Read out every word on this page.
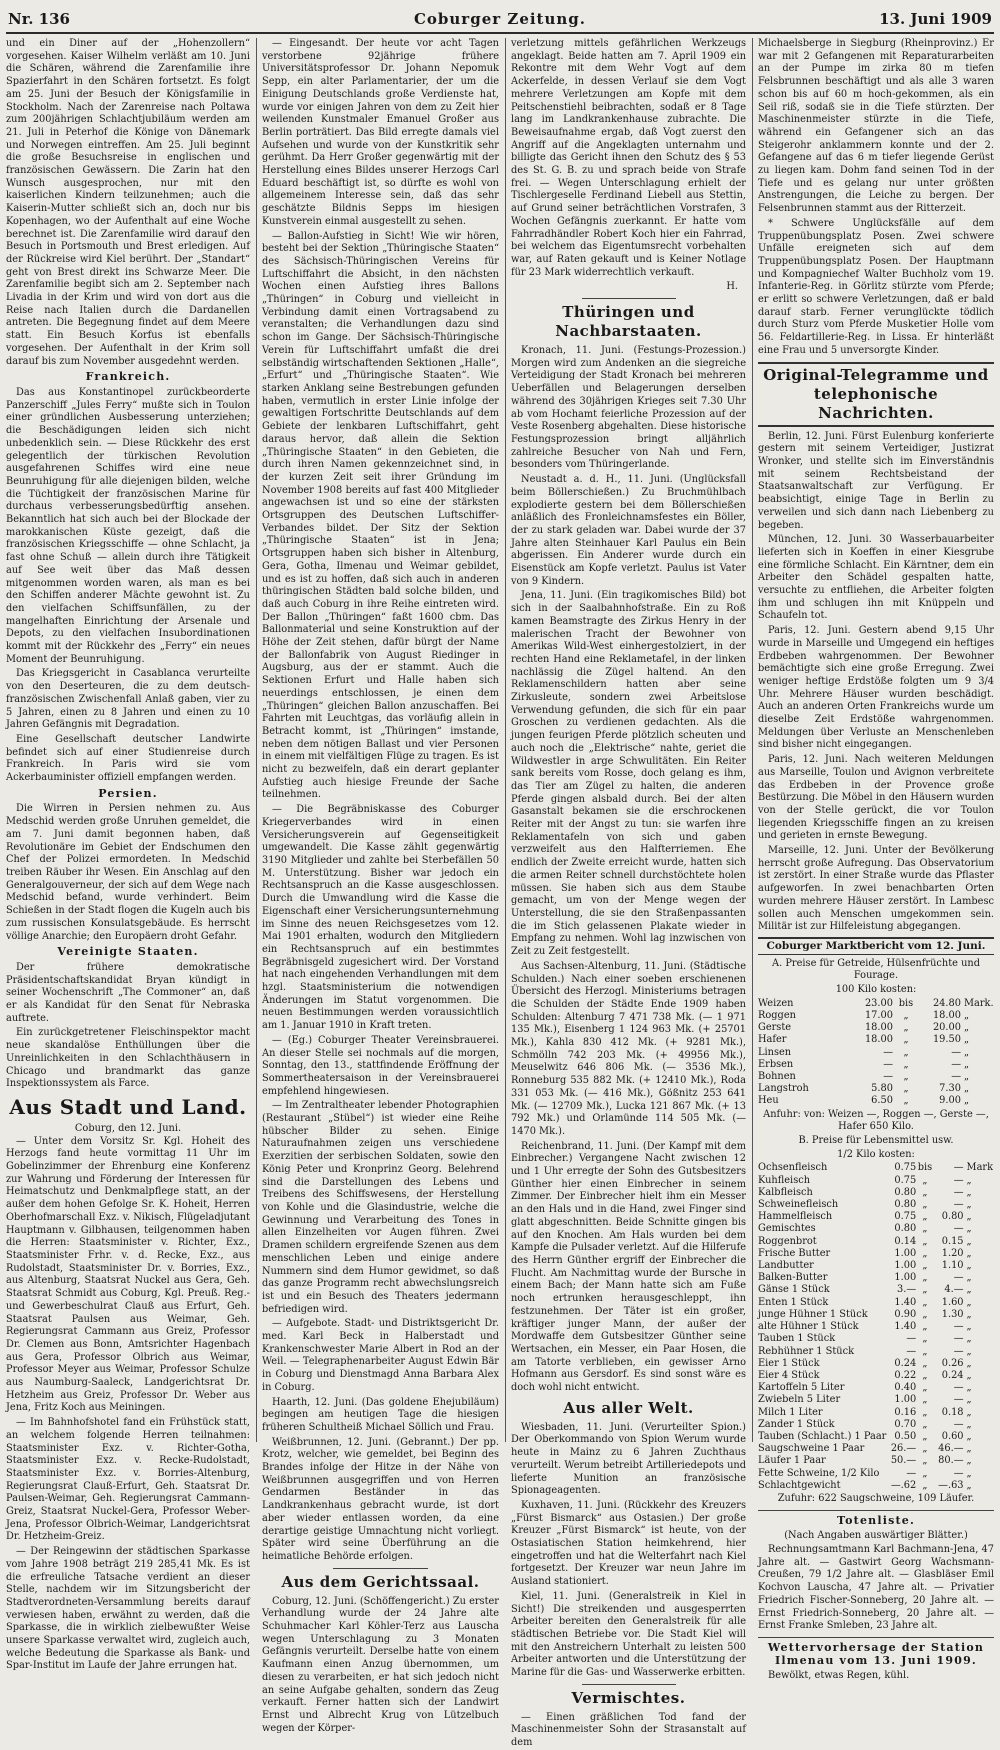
Nr. 136	Coburger Zeitung.	13. Juni 1909

und ein Diner auf der „Hohenzollern“ vorgesehen. Kaiser Wilhelm verläßt am 10. Juni die Schären, während die Zarenfamilie ihre Spazierfahrt in den Schären fortsetzt. Es folgt am 25. Juni der Besuch der Königsfamilie in Stockholm. Nach der Zarenreise nach Poltawa zum 200jährigen Schlachtjubiläum werden am 21. Juli in Peterhof die Könige von Dänemark und Norwegen eintreffen. Am 25. Juli beginnt die große Besuchsreise in englischen und französischen Gewässern. Die Zarin hat den Wunsch ausgesprochen, nur mit den kaiserlichen Kindern teilzunehmen; auch die Kaiserin-Mutter schließt sich an, doch nur bis Kopenhagen, wo der Aufenthalt auf eine Woche berechnet ist. Die Zarenfamilie wird darauf den Besuch in Portsmouth und Brest erledigen. Auf der Rückreise wird Kiel berührt. Der „Standart“ geht von Brest direkt ins Schwarze Meer. Die Zarenfamilie begibt sich am 2. September nach Livadia in der Krim und wird von dort aus die Reise nach Italien durch die Dardanellen antreten. Die Begegnung findet auf dem Meere statt. Ein Besuch Korfus ist ebenfalls vorgesehen. Der Aufenthalt in der Krim soll darauf bis zum November ausgedehnt werden.

Frankreich.

Das aus Konstantinopel zurückbeorderte Panzerschiff „Jules Ferry“ mußte sich in Toulon einer gründlichen Ausbesserung unterziehen; die Beschädigungen leiden sich nicht unbedenklich sein. — Diese Rückkehr des erst gelegentlich der türkischen Revolution ausgefahrenen Schiffes wird eine neue Beunruhigung für alle diejenigen bilden, welche die Tüchtigkeit der französischen Marine für durchaus verbesserungsbedürftig ansehen. Bekanntlich hat sich auch bei der Blockade der marokkanischen Küste gezeigt, daß die französischen Kriegsschiffe — ohne Schlacht, ja fast ohne Schuß — allein durch ihre Tätigkeit auf See weit über das Maß dessen mitgenommen worden waren, als man es bei den Schiffen anderer Mächte gewohnt ist. Zu den vielfachen Schiffsunfällen, zu der mangelhaften Einrichtung der Arsenale und Depots, zu den vielfachen Insubordinationen kommt mit der Rückkehr des „Ferry“ ein neues Moment der Beunruhigung.

Das Kriegsgericht in Casablanca verurteilte von den Deserteuren, die zu dem deutsch-französischen Zwischenfall Anlaß gaben, vier zu 5 Jahren, einen zu 8 Jahren und einen zu 10 Jahren Gefängnis mit Degradation.

Eine Gesellschaft deutscher Landwirte befindet sich auf einer Studienreise durch Frankreich. In Paris wird sie vom Ackerbauminister offiziell empfangen werden.

Persien.

Die Wirren in Persien nehmen zu. Aus Medschid werden große Unruhen gemeldet, die am 7. Juni damit begonnen haben, daß Revolutionäre im Gebiet der Endschumen den Chef der Polizei ermordeten. In Medschid treiben Räuber ihr Wesen. Ein Anschlag auf den Generalgouverneur, der sich auf dem Wege nach Medschid befand, wurde verhindert. Beim Schießen in der Stadt flogen die Kugeln auch bis zum russischen Konsulatsgebäude. Es herrscht völlige Anarchie; den Europäern droht Gefahr.

Vereinigte Staaten.

Der frühere demokratische Präsidentschaftskandidat Bryan kündigt in seiner Wochenschrift „The Commoner“ an, daß er als Kandidat für den Senat für Nebraska auftrete.

Ein zurückgetretener Fleischinspektor macht neue skandalöse Enthüllungen über die Unreinlichkeiten in den Schlachthäusern in Chicago und brandmarkt das ganze Inspektionssystem als Farce.

Aus Stadt und Land.
Coburg, den 12. Juni.

— Unter dem Vorsitz Sr. Kgl. Hoheit des Herzogs fand heute vormittag 11 Uhr im Gobelinzimmer der Ehrenburg eine Konferenz zur Wahrung und Förderung der Interessen für Heimatschutz und Denkmalpflege statt, an der außer dem hohen Gefolge Sr. K. Hoheit, Herren Oberhofmarschall Exz. v. Nikisch, Flügeladjutant Hauptmann v. Gilbhausen, teilgenommen haben die Herren: Staatsminister v. Richter, Exz., Staatsminister Frhr. v. d. Recke, Exz., aus Rudolstadt, Staatsminister Dr. v. Borries, Exz., aus Altenburg, Staatsrat Nuckel aus Gera, Geh. Staatsrat Schmidt aus Coburg, Kgl. Preuß. Reg.- und Gewerbeschulrat Clauß aus Erfurt, Geh. Staatsrat Paulsen aus Weimar, Geh. Regierungsrat Cammann aus Greiz, Professor Dr. Clemen aus Bonn, Amtsrichter Hagenbach aus Gera, Professor Olbrich aus Weimar, Professor Meyer aus Weimar, Professor Schulze aus Naumburg-Saaleck, Landgerichtsrat Dr. Hetzheim aus Greiz, Professor Dr. Weber aus Jena, Fritz Koch aus Meiningen.

— Im Bahnhofshotel fand ein Frühstück statt, an welchem folgende Herren teilnahmen: Staatsminister Exz. v. Richter-Gotha, Staatsminister Exz. v. Recke-Rudolstadt, Staatsminister Exz. v. Borries-Altenburg, Regierungsrat Clauß-Erfurt, Geh. Staatsrat Dr. Paulsen-Weimar, Geh. Regierungsrat Cammann-Greiz, Staatsrat Nuckel-Gera, Professor Weber-Jena, Professor Olbrich-Weimar, Landgerichtsrat Dr. Hetzheim-Greiz.

— Der Reingewinn der städtischen Sparkasse vom Jahre 1908 beträgt 219 285,41 Mk. Es ist die erfreuliche Tatsache verdient an dieser Stelle, nachdem wir im Sitzungsbericht der Stadtverordneten-Versammlung bereits darauf verwiesen haben, erwähnt zu werden, daß die Sparkasse, die in wirklich zielbewußter Weise unsere Sparkasse verwaltet wird, zugleich auch, welche Bedeutung die Sparkasse als Bank- und Spar-Institut im Laufe der Jahre errungen hat.

— Eingesandt. Der heute vor acht Tagen verstorbene 92jährige frühere Universitätsprofessor Dr. Johann Nepomuk Sepp, ein alter Parlamentarier, der um die Einigung Deutschlands große Verdienste hat, wurde vor einigen Jahren von dem zu Zeit hier weilenden Kunstmaler Emanuel Großer aus Berlin porträtiert. Das Bild erregte damals viel Aufsehen und wurde von der Kunstkritik sehr gerühmt. Da Herr Großer gegenwärtig mit der Herstellung eines Bildes unserer Herzogs Carl Eduard beschäftigt ist, so dürfte es wohl von allgemeinem Interesse sein, daß das sehr geschätzte Bildnis Sepps im hiesigen Kunstverein einmal ausgestellt zu sehen.

— Ballon-Aufstieg in Sicht! Wie wir hören, besteht bei der Sektion „Thüringische Staaten“ des Sächsisch-Thüringischen Vereins für Luftschiffahrt die Absicht, in den nächsten Wochen einen Aufstieg ihres Ballons „Thüringen“ in Coburg und vielleicht in Verbindung damit einen Vortragsabend zu veranstalten; die Verhandlungen dazu sind schon im Gange. Der Sächsisch-Thüringische Verein für Luftschiffahrt umfaßt die drei selbständig wirtschaftenden Sektionen „Halle“, „Erfurt“ und „Thüringische Staaten“. Wie starken Anklang seine Bestrebungen gefunden haben, vermutlich in erster Linie infolge der gewaltigen Fortschritte Deutschlands auf dem Gebiete der lenkbaren Luftschiffahrt, geht daraus hervor, daß allein die Sektion „Thüringische Staaten“ in den Gebieten, die durch ihren Namen gekennzeichnet sind, in der kurzen Zeit seit ihrer Gründung im November 1908 bereits auf fast 400 Mitglieder angewachsen ist und so eine der stärksten Ortsgruppen des Deutschen Luftschiffer-Verbandes bildet. Der Sitz der Sektion „Thüringische Staaten“ ist in Jena; Ortsgruppen haben sich bisher in Altenburg, Gera, Gotha, Ilmenau und Weimar gebildet, und es ist zu hoffen, daß sich auch in anderen thüringischen Städten bald solche bilden, und daß auch Coburg in ihre Reihe eintreten wird. Der Ballon „Thüringen“ faßt 1600 cbm. Das Ballonmaterial und seine Konstruktion auf der Höhe der Zeit stehen, dafür bürgt der Name der Ballonfabrik von August Riedinger in Augsburg, aus der er stammt. Auch die Sektionen Erfurt und Halle haben sich neuerdings entschlossen, je einen dem „Thüringen“ gleichen Ballon anzuschaffen. Bei Fahrten mit Leuchtgas, das vorläufig allein in Betracht kommt, ist „Thüringen“ imstande, neben dem nötigen Ballast und vier Personen in einem mit vielfältigen Flüge zu tragen. Es ist nicht zu bezweifeln, daß ein derart geplanter Aufstieg auch hiesige Freunde der Sache teilnehmen.

— Die Begräbniskasse des Coburger Kriegerverbandes wird in einen Versicherungsverein auf Gegenseitigkeit umgewandelt. Die Kasse zählt gegenwärtig 3190 Mitglieder und zahlte bei Sterbefällen 50 M. Unterstützung. Bisher war jedoch ein Rechtsanspruch an die Kasse ausgeschlossen. Durch die Umwandlung wird die Kasse die Eigenschaft einer Versicherungsunternehmung im Sinne des neuen Reichsgesetzes vom 12. Mai 1901 erhalten, wodurch den Mitgliedern ein Rechtsanspruch auf ein bestimmtes Begräbnisgeld zugesichert wird. Der Vorstand hat nach eingehenden Verhandlungen mit dem hzgl. Staatsministerium die notwendigen Änderungen im Statut vorgenommen. Die neuen Bestimmungen werden voraussichtlich am 1. Januar 1910 in Kraft treten.

— (Eg.) Coburger Theater Vereinsbrauerei. An dieser Stelle sei nochmals auf die morgen, Sonntag, den 13., stattfindende Eröffnung der Sommertheatersaison in der Vereinsbrauerei empfehlend hingewiesen.

— Im Zentraltheater lebender Photographien (Restaurant „Stübel“) ist wieder eine Reihe hübscher Bilder zu sehen. Einige Naturaufnahmen zeigen uns verschiedene Exerzitien der serbischen Soldaten, sowie den König Peter und Kronprinz Georg. Belehrend sind die Darstellungen des Lebens und Treibens des Schiffswesens, der Herstellung von Kohle und die Glasindustrie, welche die Gewinnung und Verarbeitung des Tones in allen Einzelheiten vor Augen führen. Zwei Dramen schildern ergreifende Szenen aus dem menschlichen Leben und einige andere Nummern sind dem Humor gewidmet, so daß das ganze Programm recht abwechslungsreich ist und ein Besuch des Theaters jedermann befriedigen wird.

— Aufgebote. Stadt- und Distriktsgericht Dr. med. Karl Beck in Halberstadt und Krankenschwester Marie Albert in Rod an der Weil. — Telegraphenarbeiter August Edwin Bär in Coburg und Dienstmagd Anna Barbara Alex in Coburg.

Haarth, 12. Juni. (Das goldene Ehejubiläum) begingen am heutigen Tage die hiesigen früheren Schultheiß Michael Söllich und Frau.

Weißbrunnen, 12. Juni. (Gebrannt.) Der pp. Krotz, welcher, wie gemeldet, bei Beginn des Brandes infolge der Hitze in der Nähe von Weißbrunnen ausgegriffen und von Herren Gendarmen Beständer in das Landkrankenhaus gebracht wurde, ist dort aber wieder entlassen worden, da eine derartige geistige Umnachtung nicht vorliegt. Später wird seine Überführung an die heimatliche Behörde erfolgen.

Aus dem Gerichtssaal.

Coburg, 12. Juni. (Schöffengericht.) Zu erster Verhandlung wurde der 24 Jahre alte Schuhmacher Karl Köhler-Terz aus Lauscha wegen Unterschlagung zu 3 Monaten Gefängnis verurteilt. Derselbe hatte von einem Kaufmann einen Anzug übernommen, um diesen zu verarbeiten, er hat sich jedoch nicht an seine Aufgabe gehalten, sondern das Zeug verkauft. Ferner hatten sich der Landwirt Ernst und Albrecht Krug von Lützelbuch wegen der Körper-

verletzung mittels gefährlichen Werkzeugs angeklagt. Beide hatten am 7. April 1909 ein Rekontre mit dem Wehr Vogt auf dem Ackerfelde, in dessen Verlauf sie dem Vogt mehrere Verletzungen am Kopfe mit dem Peitschenstiehl beibrachten, sodaß er 8 Tage lang im Landkrankenhause zubrachte. Die Beweisaufnahme ergab, daß Vogt zuerst den Angriff auf die Angeklagten unternahm und billigte das Gericht ihnen den Schutz des § 53 des St. G. B. zu und sprach beide von Strafe frei. — Wegen Unterschlagung erhielt der Tischlergeselle Ferdinand Liebell aus Stettin, auf Grund seiner beträchtlichen Vorstrafen, 3 Wochen Gefängnis zuerkannt. Er hatte vom Fahrradhändler Robert Koch hier ein Fahrrad, bei welchem das Eigentumsrecht vorbehalten war, auf Raten gekauft und is Keiner Notlage für 23 Mark widerrechtlich verkauft.

H.
Thüringen und Nachbarstaaten.

Kronach, 11. Juni. (Festungs-Prozession.) Morgen wird zum Andenken an die siegreiche Verteidigung der Stadt Kronach bei mehreren Ueberfällen und Belagerungen derselben während des 30jährigen Krieges seit 7.30 Uhr ab vom Hochamt feierliche Prozession auf der Veste Rosenberg abgehalten. Diese historische Festungsprozession bringt alljährlich zahlreiche Besucher von Nah und Fern, besonders vom Thüringerlande.

Neustadt a. d. H., 11. Juni. (Unglücksfall beim Böllerschießen.) Zu Bruchmühlbach explodierte gestern bei dem Böllerschießen anläßlich des Fronleichnamsfestes ein Böller, der zu stark geladen war. Dabei wurde der 37 Jahre alten Steinhauer Karl Paulus ein Bein abgerissen. Ein Anderer wurde durch ein Eisenstück am Kopfe verletzt. Paulus ist Vater von 9 Kindern.

Jena, 11. Juni. (Ein tragikomisches Bild) bot sich in der Saalbahnhofstraße. Ein zu Roß kamen Beamstragte des Zirkus Henry in der malerischen Tracht der Bewohner von Amerikas Wild-West einhergestolziert, in der rechten Hand eine Reklametafel, in der linken nachlässig die Zügel haltend. An den Reklamenschildern hatten aber seine Zirkusleute, sondern zwei Arbeitslose Verwendung gefunden, die sich für ein paar Groschen zu verdienen gedachten. Als die jungen feurigen Pferde plötzlich scheuten und auch noch die „Elektrische“ nahte, geriet die Wildwestler in arge Schwulitäten. Ein Reiter sank bereits vom Rosse, doch gelang es ihm, das Tier am Zügel zu halten, die anderen Pferde gingen alsbald durch. Bei der alten Gasanstalt bekamen sie die erschrockenen Reiter mit der Angst zu tun: sie warfen ihre Reklamentafeln von sich und gaben verzweifelt aus den Halfterriemen. Ehe endlich der Zweite erreicht wurde, hatten sich die armen Reiter schnell durchstöchtete holen müssen. Sie haben sich aus dem Staube gemacht, um von der Menge wegen der Unterstellung, die sie den Straßenpassanten die im Stich gelassenen Plakate wieder in Empfang zu nehmen. Wohl lag inzwischen von Zeit zu Zeit festgestellt.

Aus Sachsen-Altenburg, 11. Juni. (Städtische Schulden.) Nach einer soeben erschienenen Übersicht des Herzogl. Ministeriums betragen die Schulden der Städte Ende 1909 haben Schulden: Altenburg 7 471 738 Mk. (— 1 971 135 Mk.), Eisenberg 1 124 963 Mk. (+ 25701 Mk.), Kahla 830 412 Mk. (+ 9281 Mk.), Schmölln 742 203 Mk. (+ 49956 Mk.), Meuselwitz 646 806 Mk. (— 3536 Mk.), Ronneburg 535 882 Mk. (+ 12410 Mk.), Roda 331 053 Mk. (— 416 Mk.), Gößnitz 253 641 Mk. (— 12709 Mk.), Lucka 121 867 Mk. (+ 13 792 Mk.) und Orlamünde 114 505 Mk. (— 1470 Mk.).

Reichenbrand, 11. Juni. (Der Kampf mit dem Einbrecher.) Vergangene Nacht zwischen 12 und 1 Uhr erregte der Sohn des Gutsbesitzers Günther hier einen Einbrecher in seinem Zimmer. Der Einbrecher hielt ihm ein Messer an den Hals und in die Hand, zwei Finger sind glatt abgeschnitten. Beide Schnitte gingen bis auf den Knochen. Am Hals wurden bei dem Kampfe die Pulsader verletzt. Auf die Hilferufe des Herrn Günther ergriff der Einbrecher die Flucht. Am Nachmittag wurde der Bursche in einem Bach; der Mann hatte sich am Fuße noch ertrunken herausgeschleppt, ihn festzunehmen. Der Täter ist ein großer, kräftiger junger Mann, der außer der Mordwaffe dem Gutsbesitzer Günther seine Wertsachen, ein Messer, ein Paar Hosen, die am Tatorte verblieben, ein gewisser Arno Hofmann aus Gersdorf. Es sind sonst wäre es doch wohl nicht entwicht.

Aus aller Welt.

Wiesbaden, 11. Juni. (Verurteilter Spion.) Der Oberkommando von Spion Werum wurde heute in Mainz zu 6 Jahren Zuchthaus verurteilt. Werum betreibt Artilleriedepots und lieferte Munition an französische Spionageagenten.

Kuxhaven, 11. Juni. (Rückkehr des Kreuzers „Fürst Bismarck“ aus Ostasien.) Der große Kreuzer „Fürst Bismarck“ ist heute, von der Ostasiatischen Station heimkehrend, hier eingetroffen und hat die Welterfahrt nach Kiel fortgesetzt. Der Kreuzer war neun Jahre im Ausland stationiert.

Kiel, 11. Juni. (Generalstreik in Kiel in Sicht!) Die streikenden und ausgesperrten Arbeiter bereiten den Generalstreik für alle städtischen Betriebe vor. Die Stadt Kiel will mit den Anstreichern Unterhalt zu leisten 500 Arbeiter antworten und die Unterstützung der Marine für die Gas- und Wasserwerke erbitten.

Vermischtes.

— Einen gräßlichen Tod fand der Maschinenmeister Sohn der Strasanstalt auf dem

Michaelsberge in Siegburg (Rheinprovinz.) Er war mit 2 Gefangenen mit Reparaturarbeiten an der Pumpe im zirka 80 m tiefen Felsbrunnen beschäftigt und als alle 3 waren schon bis auf 60 m hoch-gekommen, als ein Seil riß, sodaß sie in die Tiefe stürzten. Der Maschinenmeister stürzte in die Tiefe, während ein Gefangener sich an das Steigerohr anklammern konnte und der 2. Gefangene auf das 6 m tiefer liegende Gerüst zu liegen kam. Dohm fand seinen Tod in der Tiefe und es gelang nur unter größten Anstrengungen, die Leiche zu bergen. Der Felsenbrunnen stammt aus der Ritterzeit.

* Schwere Unglücksfälle auf dem Truppenübungsplatz Posen. Zwei schwere Unfälle ereigneten sich auf dem Truppenübungsplatz Posen. Der Hauptmann und Kompagniechef Walter Buchholz vom 19. Infanterie-Reg. in Görlitz stürzte vom Pferde; er erlitt so schwere Verletzungen, daß er bald darauf starb. Ferner verunglückte tödlich durch Sturz vom Pferde Musketier Holle vom 56. Feldartillerie-Reg. in Lissa. Er hinterläßt eine Frau und 5 unversorgte Kinder.

Original-Telegramme und telephonische Nachrichten.

Berlin, 12. Juni. Fürst Eulenburg konferierte gestern mit seinem Verteidiger, Justizrat Wronker, und stellte sich im Einverständnis mit seinem Rechtsbeistand der Staatsanwaltschaft zur Verfügung. Er beabsichtigt, einige Tage in Berlin zu verweilen und sich dann nach Liebenberg zu begeben.

München, 12. Juni. 30 Wasserbauarbeiter lieferten sich in Koeffen in einer Kiesgrube eine förmliche Schlacht. Ein Kärntner, dem ein Arbeiter den Schädel gespalten hatte, versuchte zu entfliehen, die Arbeiter folgten ihm und schlugen ihn mit Knüppeln und Schaufeln tot.

Paris, 12. Juni. Gestern abend 9,15 Uhr wurde in Marseille und Umgegend ein heftiges Erdbeben wahrgenommen. Der Bewohner bemächtigte sich eine große Erregung. Zwei weniger heftige Erdstöße folgten um 9 3/4 Uhr. Mehrere Häuser wurden beschädigt. Auch an anderen Orten Frankreichs wurde um dieselbe Zeit Erdstöße wahrgenommen. Meldungen über Verluste an Menschenleben sind bisher nicht eingegangen.

Paris, 12. Juni. Nach weiteren Meldungen aus Marseille, Toulon und Avignon verbreitete das Erdbeben in der Provence große Bestürzung. Die Möbel in den Häusern wurden von der Stelle gerückt, die vor Toulon liegenden Kriegsschiffe fingen an zu kreisen und gerieten in ernste Bewegung.

Marseille, 12. Juni. Unter der Bevölkerung herrscht große Aufregung. Das Observatorium ist zerstört. In einer Straße wurde das Pflaster aufgeworfen. In zwei benachbarten Orten wurden mehrere Häuser zerstört. In Lambesc sollen auch Menschen umgekommen sein. Militär ist zur Hilfeleistung abgegangen.

Coburger Marktbericht vom 12. Juni.
A. Preise für Getreide, Hülsenfrüchte und Fourage.
100 Kilo kosten:
Weizen	23.00	bis	24.80	Mark.
Roggen	17.00	„	18.00	„
Gerste	18.00	„	20.00	„
Hafer	18.00	„	19.50	„
Linsen	—	„	—	„
Erbsen	—	„	—	„
Bohnen	—	„	—	„
Langstroh	5.80	„	7.30	„
Heu	6.50	„	9.00	„
Anfuhr: von: Weizen —, Roggen —, Gerste —, Hafer 650 Kilo.
B. Preise für Lebensmittel usw.
1/2 Kilo kosten:
Ochsenfleisch	0.75	bis	—	Mark
Kuhfleisch	0.75	„	—	„
Kalbfleisch	0.80	„	—	„
Schweinefleisch	0.80	„	—	„
Hammelfleisch	0.75	„	0.80	„
Gemischtes	0.80	„	—	„
Roggenbrot	0.14	„	0.15	„
Frische Butter	1.00	„	1.20	„
Landbutter	1.00	„	1.10	„
Balken-Butter	1.00	„	—	„
Gänse 1 Stück	3.—	„	4.—	„
Enten 1 Stück	1.40	„	1.60	„
junge Hühner 1 Stück	0.90	„	1.30	„
alte Hühner 1 Stück	1.40	„	—	„
Tauben 1 Stück	—	„	—	„
Rebhühner 1 Stück	—	„	—	„
Eier 1 Stück	0.24	„	0.26	„
Eier 4 Stück	0.22	„	0.24	„
Kartoffeln 5 Liter	0.40	„	—	„
Zwiebeln 5 Liter	1.00	„	—	„
Milch 1 Liter	0.16	„	0.18	„
Zander 1 Stück	0.70	„	—	„
Tauben (Schlacht.) 1 Paar	0.50	„	0.60	„
Saugschweine 1 Paar	26.—	„	46.—	„
Läufer 1 Paar	50.—	„	80.—	„
Fette Schweine, 1/2 Kilo	—	„	—	„
Schlachtgewicht	—.62	„	—.63	„
Zufuhr: 622 Saugschweine, 109 Läufer.
Totenliste.
(Nach Angaben auswärtiger Blätter.)

Rechnungsamtmann Karl Bachmann-Jena, 47 Jahre alt. — Gastwirt Georg Wachsmann-Creußen, 79 1/2 Jahre alt. — Glasbläser Emil Kochvon Lauscha, 47 Jahre alt. — Privatier Friedrich Fischer-Sonneberg, 20 Jahre alt. — Ernst Friedrich-Sonneberg, 20 Jahre alt. — Ernst Franke Smleben, 23 Jahre alt.

Wettervorhersage der Station Ilmenau vom 13. Juni 1909.

Bewölkt, etwas Regen, kühl.
